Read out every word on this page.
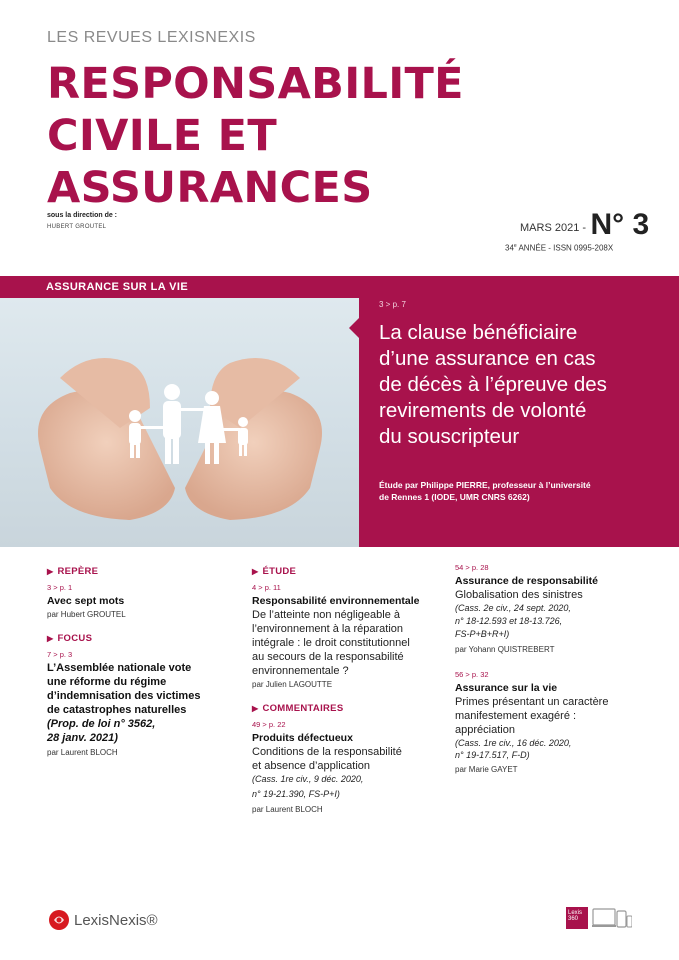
LES REVUES LEXISNEXIS
RESPONSABILITÉ
CIVILE ET
ASSURANCES
sous la direction de :
HUBERT GROUTEL	MARS 2021 - N° 3
34e ANNÉE - ISSN 0995-208X
ASSURANCE SUR LA VIE
3 > p. 7
La clause bénéficiaire
d’une assurance en cas
de décès à l’épreuve des
revirements de volonté
du souscripteur
Étude par Philippe PIERRE, professeur à l’université
de Rennes 1 (IODE, UMR CNRS 6262)
▶ REPÈRE
3 > p. 1
Avec sept mots
par Hubert GROUTEL
▶ FOCUS
7 > p. 3
L’Assemblée nationale vote
une réforme du régime
d’indemnisation des victimes
de catastrophes naturelles
(Prop. de loi n° 3562,
28 janv. 2021)
par Laurent BLOCH
▶ ÉTUDE
4 > p. 11
Responsabilité environnementale
De l’atteinte non négligeable à
l’environnement à la réparation
intégrale : le droit constitutionnel
au secours de la responsabilité
environnementale ?
par Julien LAGOUTTE
▶ COMMENTAIRES
49 > p. 22
Produits défectueux
Conditions de la responsabilité
et absence d’application
(Cass. 1re civ., 9 déc. 2020,
n° 19-21.390, FS-P+I)
par Laurent BLOCH
54 > p. 28
Assurance de responsabilité
Globalisation des sinistres
(Cass. 2e civ., 24 sept. 2020,
n° 18-12.593 et 18-13.726,
FS-P+B+R+I)
par Yohann QUISTREBERT
56 > p. 32
Assurance sur la vie
Primes présentant un caractère
manifestement exagéré :
appréciation
(Cass. 1re civ., 16 déc. 2020,
n° 19-17.517, F-D)
par Marie GAYET
LexisNexis®	Lexis 360
